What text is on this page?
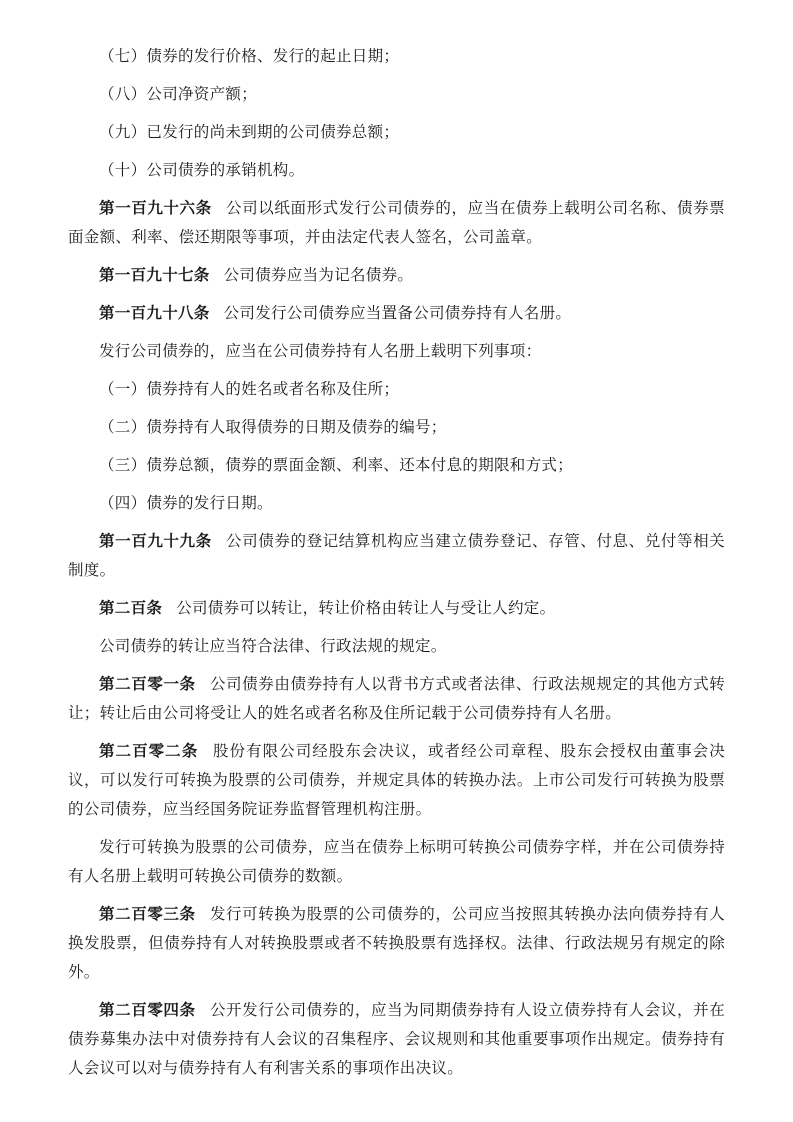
（七）债券的发行价格、发行的起止日期；

（八）公司净资产额；

（九）已发行的尚未到期的公司债券总额；

（十）公司债券的承销机构。

第一百九十六条 公司以纸面形式发行公司债券的，应当在债券上载明公司名称、债券票面金额、利率、偿还期限等事项，并由法定代表人签名，公司盖章。

第一百九十七条 公司债券应当为记名债券。

第一百九十八条 公司发行公司债券应当置备公司债券持有人名册。

发行公司债券的，应当在公司债券持有人名册上载明下列事项：

（一）债券持有人的姓名或者名称及住所；

（二）债券持有人取得债券的日期及债券的编号；

（三）债券总额，债券的票面金额、利率、还本付息的期限和方式；

（四）债券的发行日期。

第一百九十九条 公司债券的登记结算机构应当建立债券登记、存管、付息、兑付等相关制度。

第二百条 公司债券可以转让，转让价格由转让人与受让人约定。

公司债券的转让应当符合法律、行政法规的规定。

第二百零一条 公司债券由债券持有人以背书方式或者法律、行政法规规定的其他方式转让；转让后由公司将受让人的姓名或者名称及住所记载于公司债券持有人名册。

第二百零二条 股份有限公司经股东会决议，或者经公司章程、股东会授权由董事会决议，可以发行可转换为股票的公司债券，并规定具体的转换办法。上市公司发行可转换为股票的公司债券，应当经国务院证券监督管理机构注册。

发行可转换为股票的公司债券，应当在债券上标明可转换公司债券字样，并在公司债券持有人名册上载明可转换公司债券的数额。

第二百零三条 发行可转换为股票的公司债券的，公司应当按照其转换办法向债券持有人换发股票，但债券持有人对转换股票或者不转换股票有选择权。法律、行政法规另有规定的除外。

第二百零四条 公开发行公司债券的，应当为同期债券持有人设立债券持有人会议，并在债券募集办法中对债券持有人会议的召集程序、会议规则和其他重要事项作出规定。债券持有人会议可以对与债券持有人有利害关系的事项作出决议。
